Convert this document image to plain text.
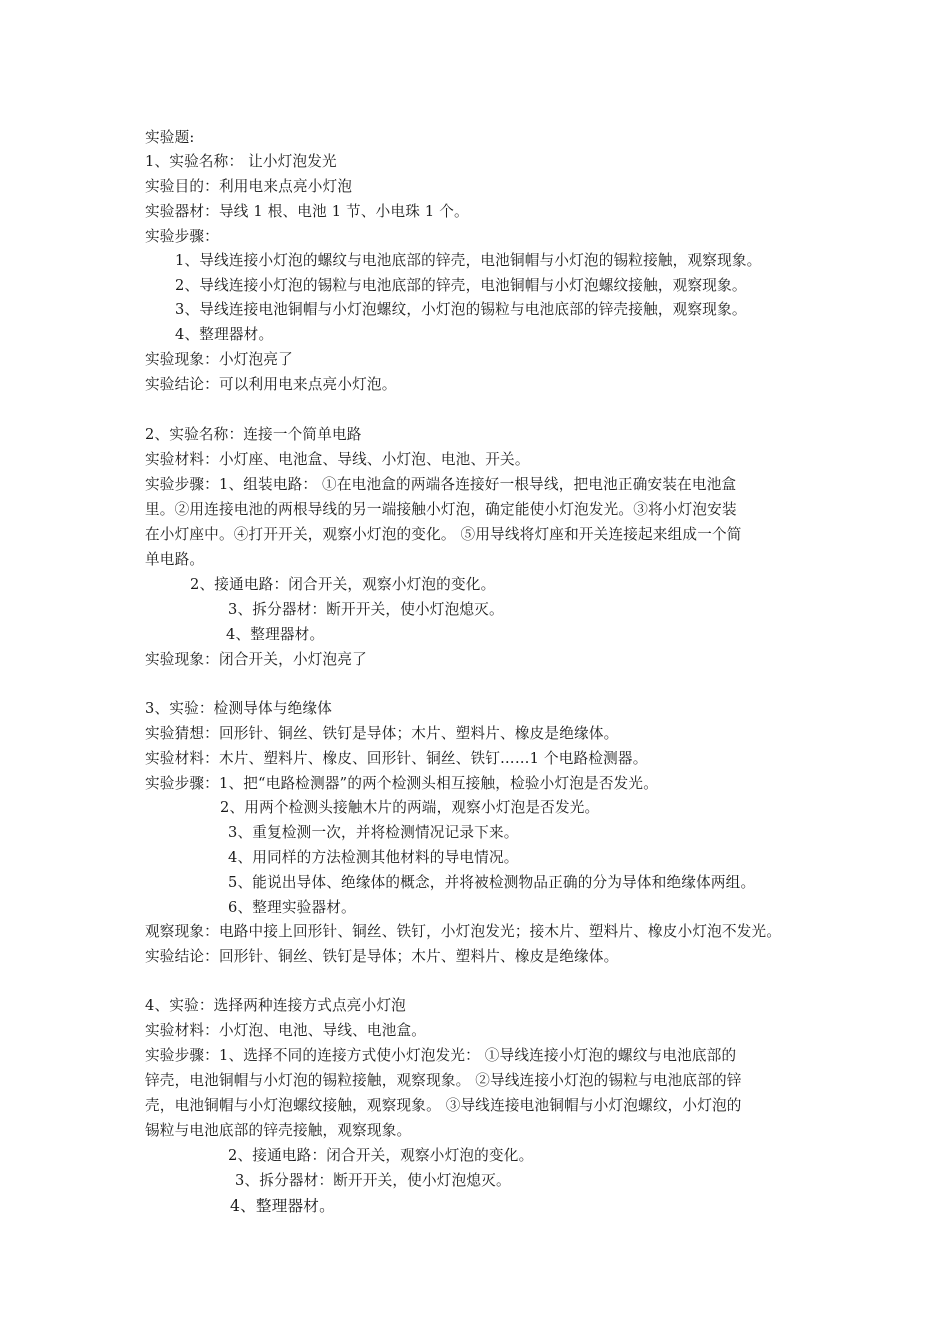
实验题:
1、实验名称： 让小灯泡发光
实验目的：利用电来点亮小灯泡
实验器材：导线 1 根、电池 1 节、小电珠 1 个。
实验步骤：
1、导线连接小灯泡的螺纹与电池底部的锌壳，电池铜帽与小灯泡的锡粒接触，观察现象。
2、导线连接小灯泡的锡粒与电池底部的锌壳，电池铜帽与小灯泡螺纹接触，观察现象。
3、导线连接电池铜帽与小灯泡螺纹，小灯泡的锡粒与电池底部的锌壳接触，观察现象。
4、整理器材。
实验现象：小灯泡亮了
实验结论：可以利用电来点亮小灯泡。
2、实验名称：连接一个简单电路
实验材料：小灯座、电池盒、导线、小灯泡、电池、开关。
实验步骤：1、组装电路： ①在电池盒的两端各连接好一根导线，把电池正确安装在电池盒
里。②用连接电池的两根导线的另一端接触小灯泡，确定能使小灯泡发光。③将小灯泡安装
在小灯座中。④打开开关，观察小灯泡的变化。 ⑤用导线将灯座和开关连接起来组成一个简
单电路。
2、接通电路：闭合开关，观察小灯泡的变化。
3、拆分器材：断开开关，使小灯泡熄灭。
4、整理器材。
实验现象：闭合开关，小灯泡亮了
3、实验：检测导体与绝缘体
实验猜想：回形针、铜丝、铁钉是导体；木片、塑料片、橡皮是绝缘体。
实验材料：木片、塑料片、橡皮、回形针、铜丝、铁钉……1 个电路检测器。
实验步骤：1、把“电路检测器”的两个检测头相互接触，检验小灯泡是否发光。
2、用两个检测头接触木片的两端，观察小灯泡是否发光。
3、重复检测一次，并将检测情况记录下来。
4、用同样的方法检测其他材料的导电情况。
5、能说出导体、绝缘体的概念，并将被检测物品正确的分为导体和绝缘体两组。
6、整理实验器材。
观察现象：电路中接上回形针、铜丝、铁钉，小灯泡发光；接木片、塑料片、橡皮小灯泡不发光。
实验结论：回形针、铜丝、铁钉是导体；木片、塑料片、橡皮是绝缘体。
4、实验：选择两种连接方式点亮小灯泡
实验材料：小灯泡、电池、导线、电池盒。
实验步骤：1、选择不同的连接方式使小灯泡发光： ①导线连接小灯泡的螺纹与电池底部的
锌壳，电池铜帽与小灯泡的锡粒接触，观察现象。 ②导线连接小灯泡的锡粒与电池底部的锌
壳，电池铜帽与小灯泡螺纹接触，观察现象。 ③导线连接电池铜帽与小灯泡螺纹，小灯泡的
锡粒与电池底部的锌壳接触，观察现象。
2、接通电路：闭合开关，观察小灯泡的变化。
3、拆分器材：断开开关，使小灯泡熄灭。
4、整理器材。
